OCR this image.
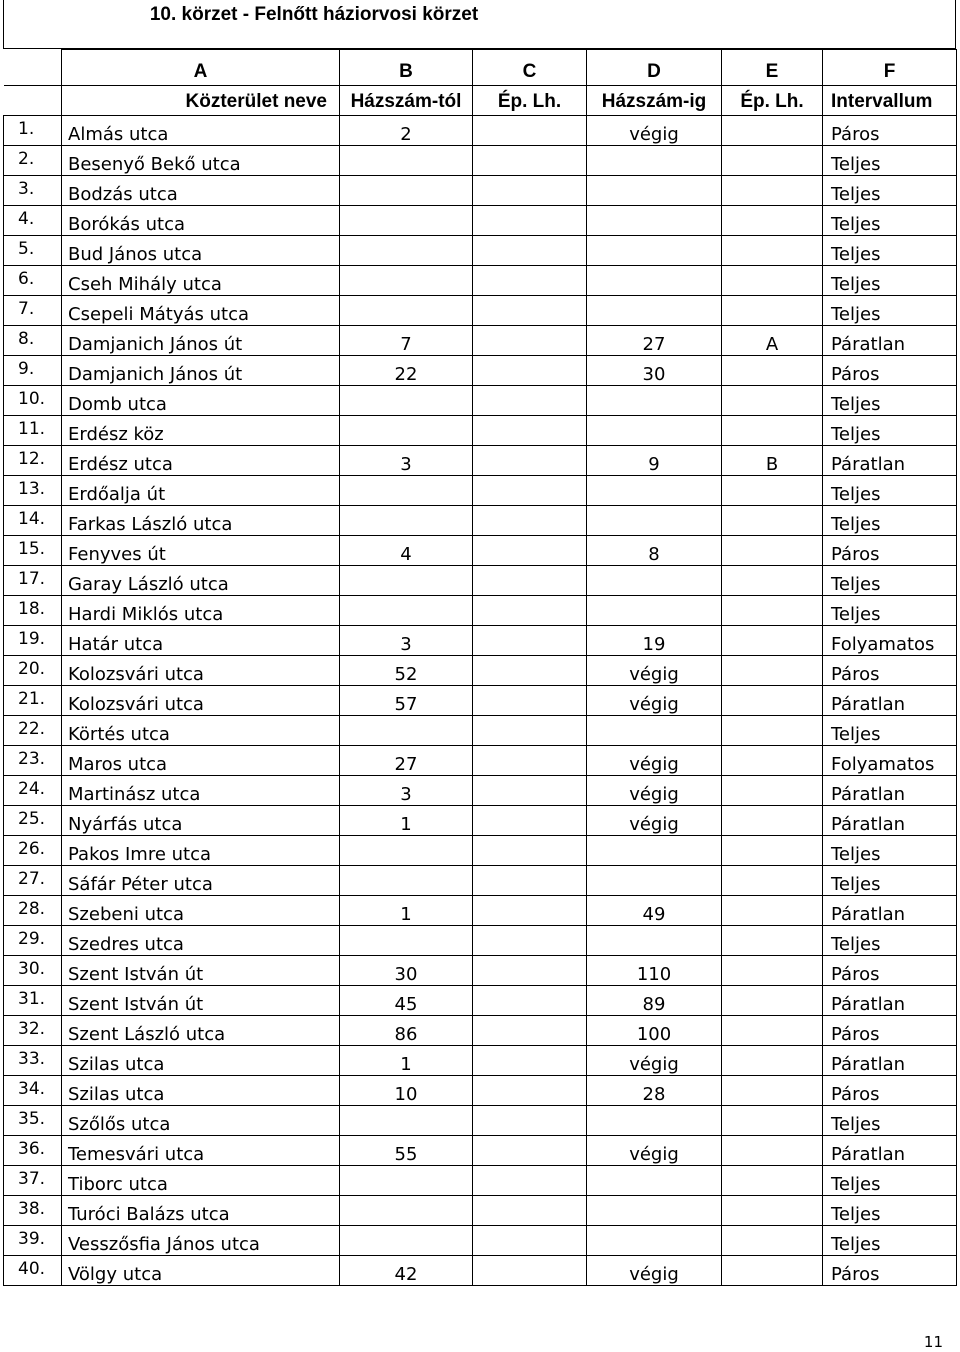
10. körzet - Felnőtt háziorvosi körzet
	A	B	C	D	E	F
	Közterület neve	Házszám-tól	Ép. Lh.	Házszám-ig	Ép. Lh.	Intervallum
1.	Almás utca	2		végig		Páros
2.	Besenyő Bekő utca					Teljes
3.	Bodzás utca					Teljes
4.	Borókás utca					Teljes
5.	Bud János utca					Teljes
6.	Cseh Mihály utca					Teljes
7.	Csepeli Mátyás utca					Teljes
8.	Damjanich János út	7		27	A	Páratlan
9.	Damjanich János út	22		30		Páros
10.	Domb utca					Teljes
11.	Erdész köz					Teljes
12.	Erdész utca	3		9	B	Páratlan
13.	Erdőalja út					Teljes
14.	Farkas László utca					Teljes
15.	Fenyves út	4		8		Páros
17.	Garay László utca					Teljes
18.	Hardi Miklós utca					Teljes
19.	Határ utca	3		19		Folyamatos
20.	Kolozsvári utca	52		végig		Páros
21.	Kolozsvári utca	57		végig		Páratlan
22.	Körtés utca					Teljes
23.	Maros utca	27		végig		Folyamatos
24.	Martinász utca	3		végig		Páratlan
25.	Nyárfás utca	1		végig		Páratlan
26.	Pakos Imre utca					Teljes
27.	Sáfár Péter utca					Teljes
28.	Szebeni utca	1		49		Páratlan
29.	Szedres utca					Teljes
30.	Szent István út	30		110		Páros
31.	Szent István út	45		89		Páratlan
32.	Szent László utca	86		100		Páros
33.	Szilas utca	1		végig		Páratlan
34.	Szilas utca	10		28		Páros
35.	Szőlős utca					Teljes
36.	Temesvári utca	55		végig		Páratlan
37.	Tiborc utca					Teljes
38.	Turóci Balázs utca					Teljes
39.	Vesszősfia János utca					Teljes
40.	Völgy utca	42		végig		Páros
11
